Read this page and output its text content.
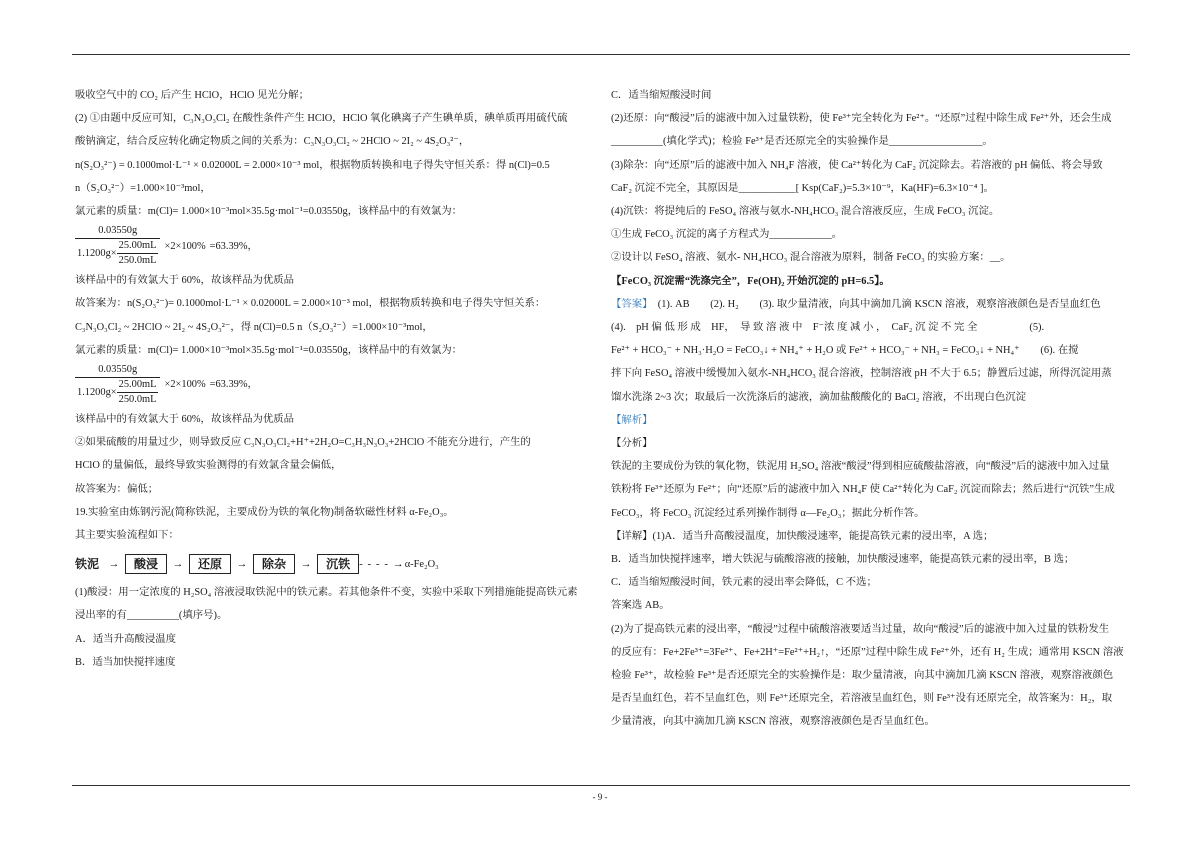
吸收空气中的 CO₂ 后产生 HClO，HClO 见光分解；

(2) ①由题中反应可知，C₃N₃O₃Cl₂ 在酸性条件产生 HClO，HClO 氧化碘离子产生碘单质，碘单质再用硫代硫

酸钠滴定，结合反应转化确定物质之间的关系为：C₃N₃O₃Cl₂ ~ 2HClO ~ 2I₂ ~ 4S₂O₃²⁻，

n(S₂O₃²⁻) = 0.1000mol·L⁻¹ × 0.02000L = 2.000×10⁻³ mol，根据物质转换和电子得失守恒关系：得 n(Cl)=0.5

n（S₂O₃²⁻）=1.000×10⁻³mol，

氯元素的质量：m(Cl)= 1.000×10⁻³mol×35.5g·mol⁻¹=0.03550g，该样品中的有效氯为：

$\frac{0.03550g}{1.1200g\times \frac{25.00mL}{250.0mL}} \times 2\times 100\% =63.39\%$，

该样品中的有效氯大于 60%，故该样品为优质品

故答案为：n(S₂O₃²⁻)= 0.1000mol·L⁻¹ × 0.02000L = 2.000×10⁻³ mol，根据物质转换和电子得失守恒关系：

C₃N₃O₃Cl₂ ~ 2HClO ~ 2I₂ ~ 4S₂O₃²⁻，得 n(Cl)=0.5 n（S₂O₃²⁻）=1.000×10⁻³mol，

氯元素的质量：m(Cl)= 1.000×10⁻³mol×35.5g·mol⁻¹=0.03550g，该样品中的有效氯为：

$\frac{0.03550g}{1.1200g\times \frac{25.00mL}{250.0mL}} \times 2\times 100\% =63.39\%$，

该样品中的有效氯大于 60%，故该样品为优质品

②如果硫酸的用量过少，则导致反应 C₃N₃O₃Cl₂+H⁺+2H₂O=C₃H₃N₃O₃+2HClO 不能充分进行，产生的

HClO 的量偏低，最终导致实验测得的有效氯含量会偏低，

故答案为：偏低；

19.实验室由炼钢污泥(简称铁泥，主要成份为铁的氧化物)制备软磁性材料 α-Fe₂O₃。

其主要实验流程如下：

铁泥 →	酸浸	→	还原	→	除杂	→	沉铁 - - - - → α-Fe₂O₃

(1)酸浸：用一定浓度的 H₂SO₄ 溶液浸取铁泥中的铁元素。若其他条件不变，实验中采取下列措施能提高铁元素

浸出率的有__________(填序号)。

A．适当升高酸浸温度

B．适当加快搅拌速度

C．适当缩短酸浸时间

(2)还原：向“酸浸”后的滤液中加入过量铁粉，使 Fe³⁺完全转化为 Fe²⁺。“还原”过程中除生成 Fe²⁺外，还会生成

__________(填化学式)；检验 Fe³⁺是否还原完全的实验操作是__________________。

(3)除杂：向“还原”后的滤液中加入 NH₄F 溶液，使 Ca²⁺转化为 CaF₂ 沉淀除去。若溶液的 pH 偏低、将会导致

CaF₂ 沉淀不完全，其原因是___________[ Ksp(CaF₂)=5.3×10⁻⁹，Ka(HF)=6.3×10⁻⁴ ]。

(4)沉铁：将提纯后的 FeSO₄ 溶液与氨水-NH₄HCO₃ 混合溶液反应，生成 FeCO₃ 沉淀。

①生成 FeCO₃ 沉淀的离子方程式为____________。

②设计以 FeSO₄ 溶液、氨水- NH₄HCO₃ 混合溶液为原料，制备 FeCO₃ 的实验方案：__。

【FeCO₃ 沉淀需“洗涤完全”，Fe(OH)₂ 开始沉淀的 pH=6.5】。

【答案】　 (1). AB　　(2). H₂　　(3). 取少量清液，向其中滴加几滴 KSCN 溶液，观察溶液颜色是否呈血红色

(4).　pH 偏 低 形 成　HF，　导 致 溶 液 中　F⁻浓 度 减 小 ，　CaF₂ 沉 淀 不 完 全　　　　　(5).

Fe²⁺ + HCO₃⁻ + NH₃·H₂O = FeCO₃↓ + NH₄⁺ + H₂O 或 Fe²⁺ + HCO₃⁻ + NH₃ = FeCO₃↓ + NH₄⁺　　(6). 在搅

拌下向 FeSO₄ 溶液中缓慢加入氨水-NH₄HCO₃ 混合溶液，控制溶液 pH 不大于 6.5；静置后过滤，所得沉淀用蒸

馏水洗涤 2~3 次；取最后一次洗涤后的滤液，滴加盐酸酸化的 BaCl₂ 溶液，不出现白色沉淀

【解析】

【分析】

铁泥的主要成份为铁的氧化物，铁泥用 H₂SO₄ 溶液“酸浸”得到相应硫酸盐溶液，向“酸浸”后的滤液中加入过量

铁粉将 Fe³⁺还原为 Fe²⁺；向“还原”后的滤液中加入 NH₄F 使 Ca²⁺转化为 CaF₂ 沉淀而除去；然后进行“沉铁”生成

FeCO₃，将 FeCO₃ 沉淀经过系列操作制得 α—Fe₂O₃；据此分析作答。

【详解】(1)A．适当升高酸浸温度，加快酸浸速率，能提高铁元素的浸出率，A 选；

B．适当加快搅拌速率，增大铁泥与硫酸溶液的接触，加快酸浸速率，能提高铁元素的浸出率，B 选；

C．适当缩短酸浸时间，铁元素的浸出率会降低，C 不选；

答案选 AB。

(2)为了提高铁元素的浸出率，“酸浸”过程中硫酸溶液要适当过量，故向“酸浸”后的滤液中加入过量的铁粉发生

的反应有：Fe+2Fe³⁺=3Fe²⁺、Fe+2H⁺=Fe²⁺+H₂↑，“还原”过程中除生成 Fe²⁺外，还有 H₂ 生成；通常用 KSCN 溶液

检验 Fe³⁺，故检验 Fe³⁺是否还原完全的实验操作是：取少量清液，向其中滴加几滴 KSCN 溶液，观察溶液颜色

是否呈血红色，若不呈血红色，则 Fe³⁺还原完全，若溶液呈血红色，则 Fe³⁺没有还原完全，故答案为：H₂，取

少量清液，向其中滴加几滴 KSCN 溶液，观察溶液颜色是否呈血红色。

- 9 -
